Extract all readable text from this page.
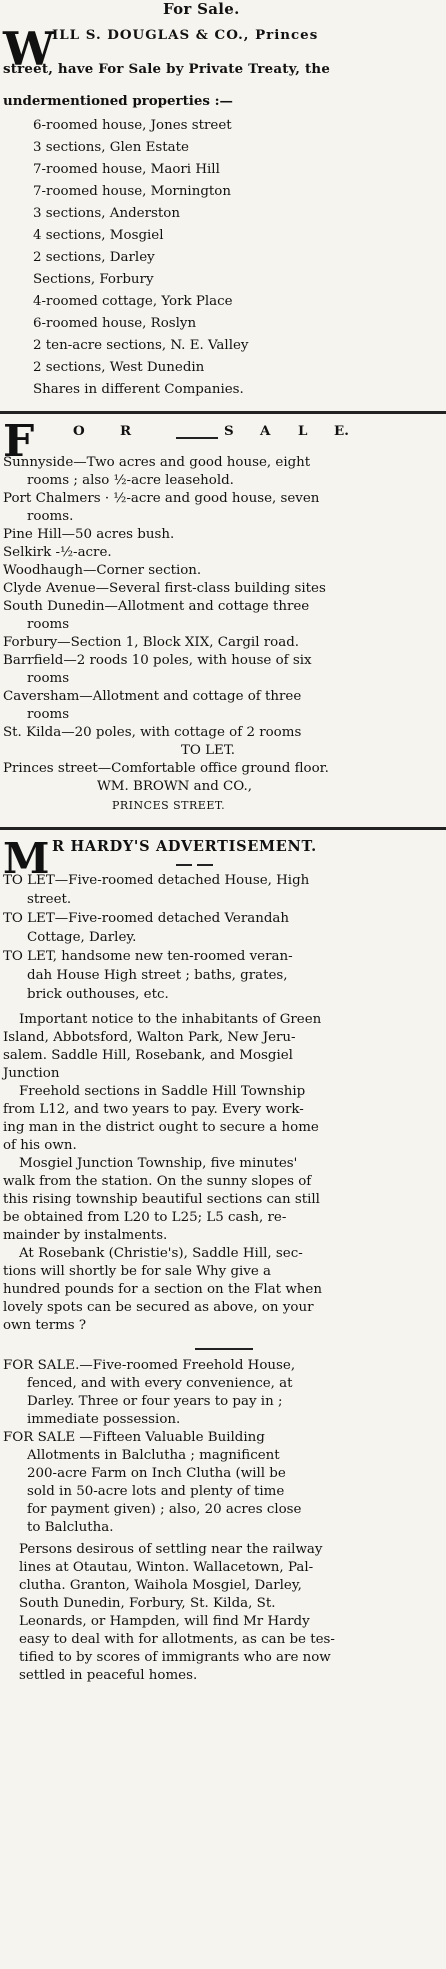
For Sale.
W
ILL S. DOUGLAS & CO., Princes
street, have For Sale by Private Treaty, the
undermentioned properties :—
6-roomed house, Jones street
3 sections, Glen Estate
7-roomed house, Maori Hill
7-roomed house, Mornington
3 sections, Anderston
4 sections, Mosgiel
2 sections, Darley
Sections, Forbury
4-roomed cottage, York Place
6-roomed house, Roslyn
2 ten-acre sections, N. E. Valley
2 sections, West Dunedin
Shares in different Companies.
F	O	R	S A L E.
Sunnyside—Two acres and good house, eight
rooms ; also ½-acre leasehold.
Port Chalmers · ½-acre and good house, seven
rooms.
Pine Hill—50 acres bush.
Selkirk -½-acre.
Woodhaugh—Corner section.
Clyde Avenue—Several first-class building sites
South Dunedin—Allotment and cottage three
rooms
Forbury—Section 1, Block XIX, Cargil road.
Barrfield—2 roods 10 poles, with house of six
rooms
Caversham—Allotment and cottage of three
rooms
St. Kilda—20 poles, with cottage of 2 rooms
TO LET.
Princes street—Comfortable office ground floor.
WM. BROWN and CO.,
PRINCES STREET.
M R HARDY'S ADVERTISEMENT.
TO LET—Five-roomed detached House, High
street.
TO LET—Five-roomed detached Verandah
Cottage, Darley.
TO LET, handsome new ten-roomed veran-
dah House High street ; baths, grates,
brick outhouses, etc.
Important notice to the inhabitants of Green
Island, Abbotsford, Walton Park, New Jeru-
salem. Saddle Hill, Rosebank, and Mosgiel
Junction
Freehold sections in Saddle Hill Township
from L12, and two years to pay. Every work-
ing man in the district ought to secure a home
of his own.
Mosgiel Junction Township, five minutes'
walk from the station. On the sunny slopes of
this rising township beautiful sections can still
be obtained from L20 to L25; L5 cash, re-
mainder by instalments.
At Rosebank (Christie's), Saddle Hill, sec-
tions will shortly be for sale Why give a
hundred pounds for a section on the Flat when
lovely spots can be secured as above, on your
own terms ?
FOR SALE.—Five-roomed Freehold House,
fenced, and with every convenience, at
Darley. Three or four years to pay in ;
immediate possession.
FOR SALE —Fifteen Valuable Building
Allotments in Balclutha ; magnificent
200-acre Farm on Inch Clutha (will be
sold in 50-acre lots and plenty of time
for payment given) ; also, 20 acres close
to Balclutha.
Persons desirous of settling near the railway
lines at Otautau, Winton. Wallacetown, Pal-
clutha. Granton, Waihola Mosgiel, Darley,
South Dunedin, Forbury, St. Kilda, St.
Leonards, or Hampden, will find Mr Hardy
easy to deal with for allotments, as can be tes-
tified to by scores of immigrants who are now
settled in peaceful homes.
